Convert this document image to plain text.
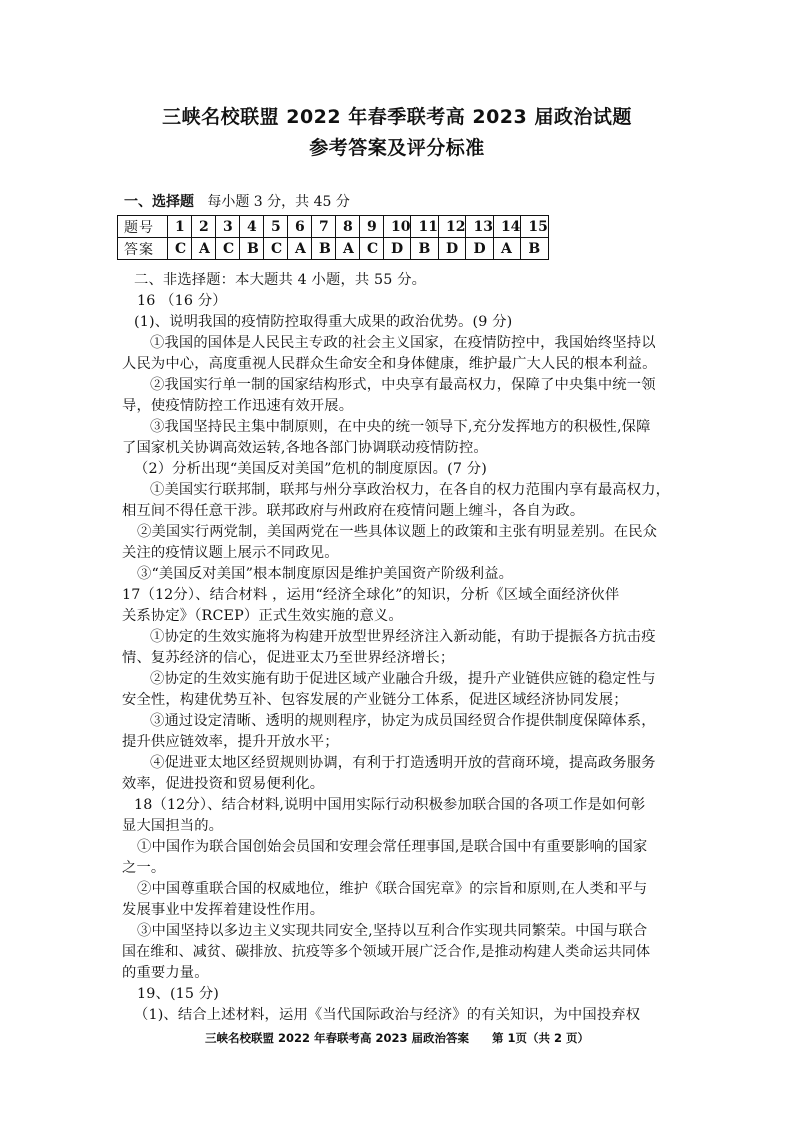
三峡名校联盟 2022 年春季联考高 2023 届政治试题
参考答案及评分标准
一、选择题 每小题 3 分，共 45 分
题号	1	2	3	4	5	6	7	8	9	10	11	12	13	14	15
答案	C	A	C	B	C	A	B	A	C	D	B	D	D	A	B
二、非选择题：本大题共 4 小题，共 55 分。
16 （16 分）
(1)、说明我国的疫情防控取得重大成果的政治优势。(9 分)
①我国的国体是人民民主专政的社会主义国家，在疫情防控中，我国始终坚持以
人民为中心，高度重视人民群众生命安全和身体健康，维护最广大人民的根本利益。
②我国实行单一制的国家结构形式，中央享有最高权力，保障了中央集中统一领
导，使疫情防控工作迅速有效开展。
③我国坚持民主集中制原则，在中央的统一领导下,充分发挥地方的积极性,保障
了国家机关协调高效运转,各地各部门协调联动疫情防控。
（2）分析出现“美国反对美国”危机的制度原因。(7 分)
①美国实行联邦制，联邦与州分享政治权力，在各自的权力范围内享有最高权力，
相互间不得任意干涉。联邦政府与州政府在疫情问题上缠斗，各自为政。
②美国实行两党制，美国两党在一些具体议题上的政策和主张有明显差别。在民众
关注的疫情议题上展示不同政见。
③“美国反对美国”根本制度原因是维护美国资产阶级利益。
17（12分）、结合材料 ，运用“经济全球化”的知识，分析《区域全面经济伙伴
关系协定》（RCEP）正式生效实施的意义。
①协定的生效实施将为构建开放型世界经济注入新动能，有助于提振各方抗击疫
情、复苏经济的信心，促进亚太乃至世界经济增长；
②协定的生效实施有助于促进区域产业融合升级，提升产业链供应链的稳定性与
安全性，构建优势互补、包容发展的产业链分工体系，促进区域经济协同发展；
③通过设定清晰、透明的规则程序，协定为成员国经贸合作提供制度保障体系，
提升供应链效率，提升开放水平；
④促进亚太地区经贸规则协调，有利于打造透明开放的营商环境，提高政务服务
效率，促进投资和贸易便利化。
18（12分）、结合材料,说明中国用实际行动积极参加联合国的各项工作是如何彰
显大国担当的。
①中国作为联合国创始会员国和安理会常任理事国,是联合国中有重要影响的国家
之一。
②中国尊重联合国的权威地位，维护《联合国宪章》的宗旨和原则,在人类和平与
发展事业中发挥着建设性作用。
③中国坚持以多边主义实现共同安全,坚持以互利合作实现共同繁荣。中国与联合
国在维和、减贫、碳排放、抗疫等多个领域开展广泛合作,是推动构建人类命运共同体
的重要力量。
19、(15 分)
（1)、结合上述材料，运用《当代国际政治与经济》的有关知识，为中国投弃权
三峡名校联盟 2022 年春联考高 2023 届政治答案　　第 1页（共 2 页）
